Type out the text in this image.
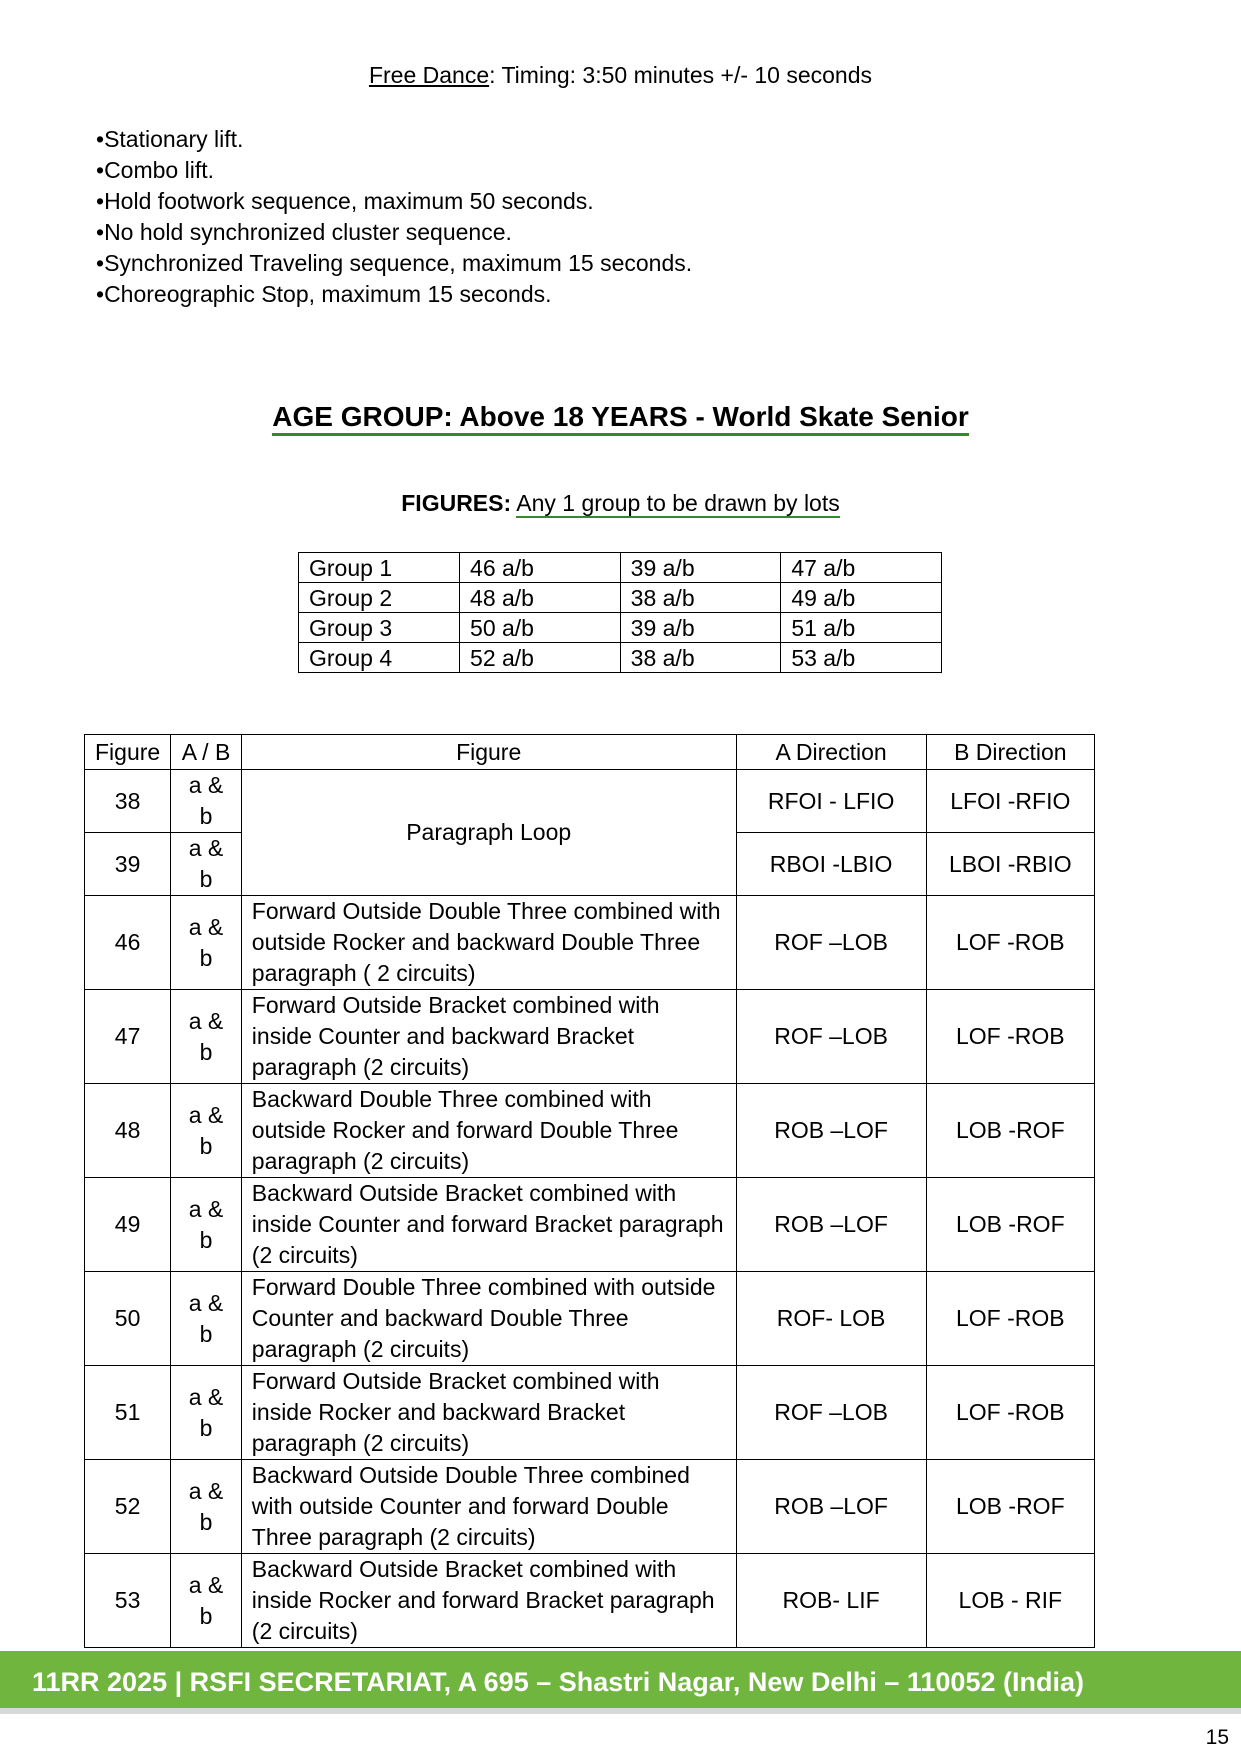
Free Dance: Timing: 3:50 minutes +/- 10 seconds
• Stationary lift.
• Combo lift.
• Hold footwork sequence, maximum 50 seconds.
• No hold synchronized cluster sequence.
• Synchronized Traveling sequence, maximum 15 seconds.
• Choreographic Stop, maximum 15 seconds.
AGE GROUP: Above 18 YEARS - World Skate Senior
FIGURES: Any 1 group to be drawn by lots
Group 1	46 a/b	39 a/b	47 a/b
Group 2	48 a/b	38 a/b	49 a/b
Group 3	50 a/b	39 a/b	51 a/b
Group 4	52 a/b	38 a/b	53 a/b
Figure	A / B	Figure	A Direction	B Direction
38	a & b	Paragraph Loop	RFOI - LFIO	LFOI -RFIO
39	a & b		RBOI -LBIO	LBOI -RBIO
46	a & b	Forward Outside Double Three combined with outside Rocker and backward Double Three paragraph ( 2 circuits)	ROF –LOB	LOF -ROB
47	a & b	Forward Outside Bracket combined with inside Counter and backward Bracket paragraph (2 circuits)	ROF –LOB	LOF -ROB
48	a & b	Backward Double Three combined with outside Rocker and forward Double Three paragraph (2 circuits)	ROB –LOF	LOB -ROF
49	a & b	Backward Outside Bracket combined with inside Counter and forward Bracket paragraph (2 circuits)	ROB –LOF	LOB -ROF
50	a & b	Forward Double Three combined with outside Counter and backward Double Three paragraph (2 circuits)	ROF- LOB	LOF -ROB
51	a & b	Forward Outside Bracket combined with inside Rocker and backward Bracket paragraph (2 circuits)	ROF –LOB	LOF -ROB
52	a & b	Backward Outside Double Three combined with outside Counter and forward Double Three paragraph (2 circuits)	ROB –LOF	LOB -ROF
53	a & b	Backward Outside Bracket combined with inside Rocker and forward Bracket paragraph (2 circuits)	ROB- LIF	LOB - RIF
11RR 2025 | RSFI SECRETARIAT, A 695 – Shastri Nagar, New Delhi – 110052 (India)
15
